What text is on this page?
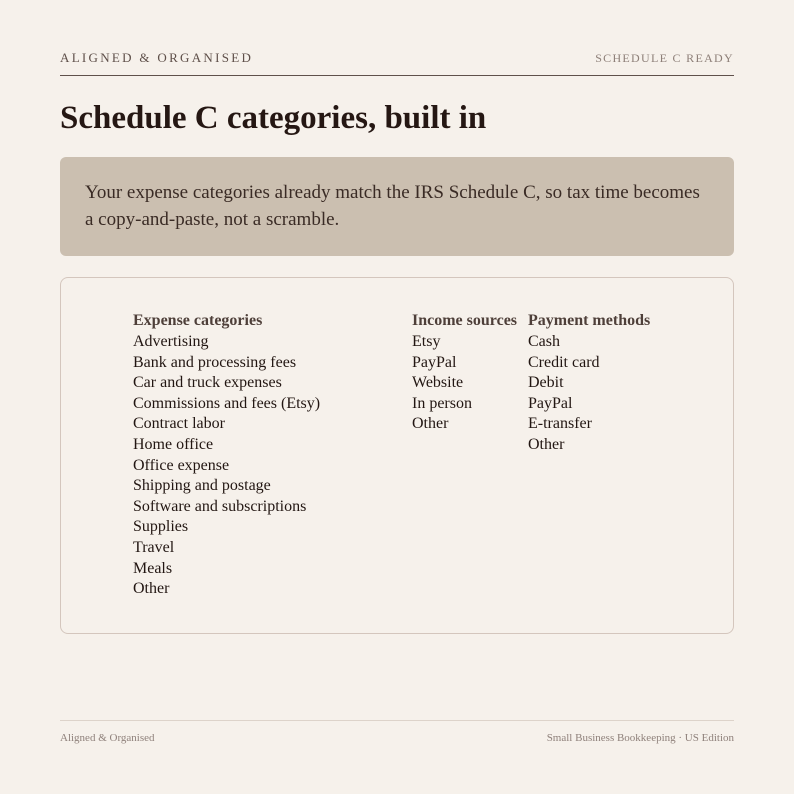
ALIGNED & ORGANISED	SCHEDULE C READY
Schedule C categories, built in
Your expense categories already match the IRS Schedule C, so tax time becomes a copy-and-paste, not a scramble.
Expense categories
Advertising
Bank and processing fees
Car and truck expenses
Commissions and fees (Etsy)
Contract labor
Home office
Office expense
Shipping and postage
Software and subscriptions
Supplies
Travel
Meals
Other
Income sources
Etsy
PayPal
Website
In person
Other
Payment methods
Cash
Credit card
Debit
PayPal
E-transfer
Other
Aligned & Organised	Small Business Bookkeeping · US Edition
